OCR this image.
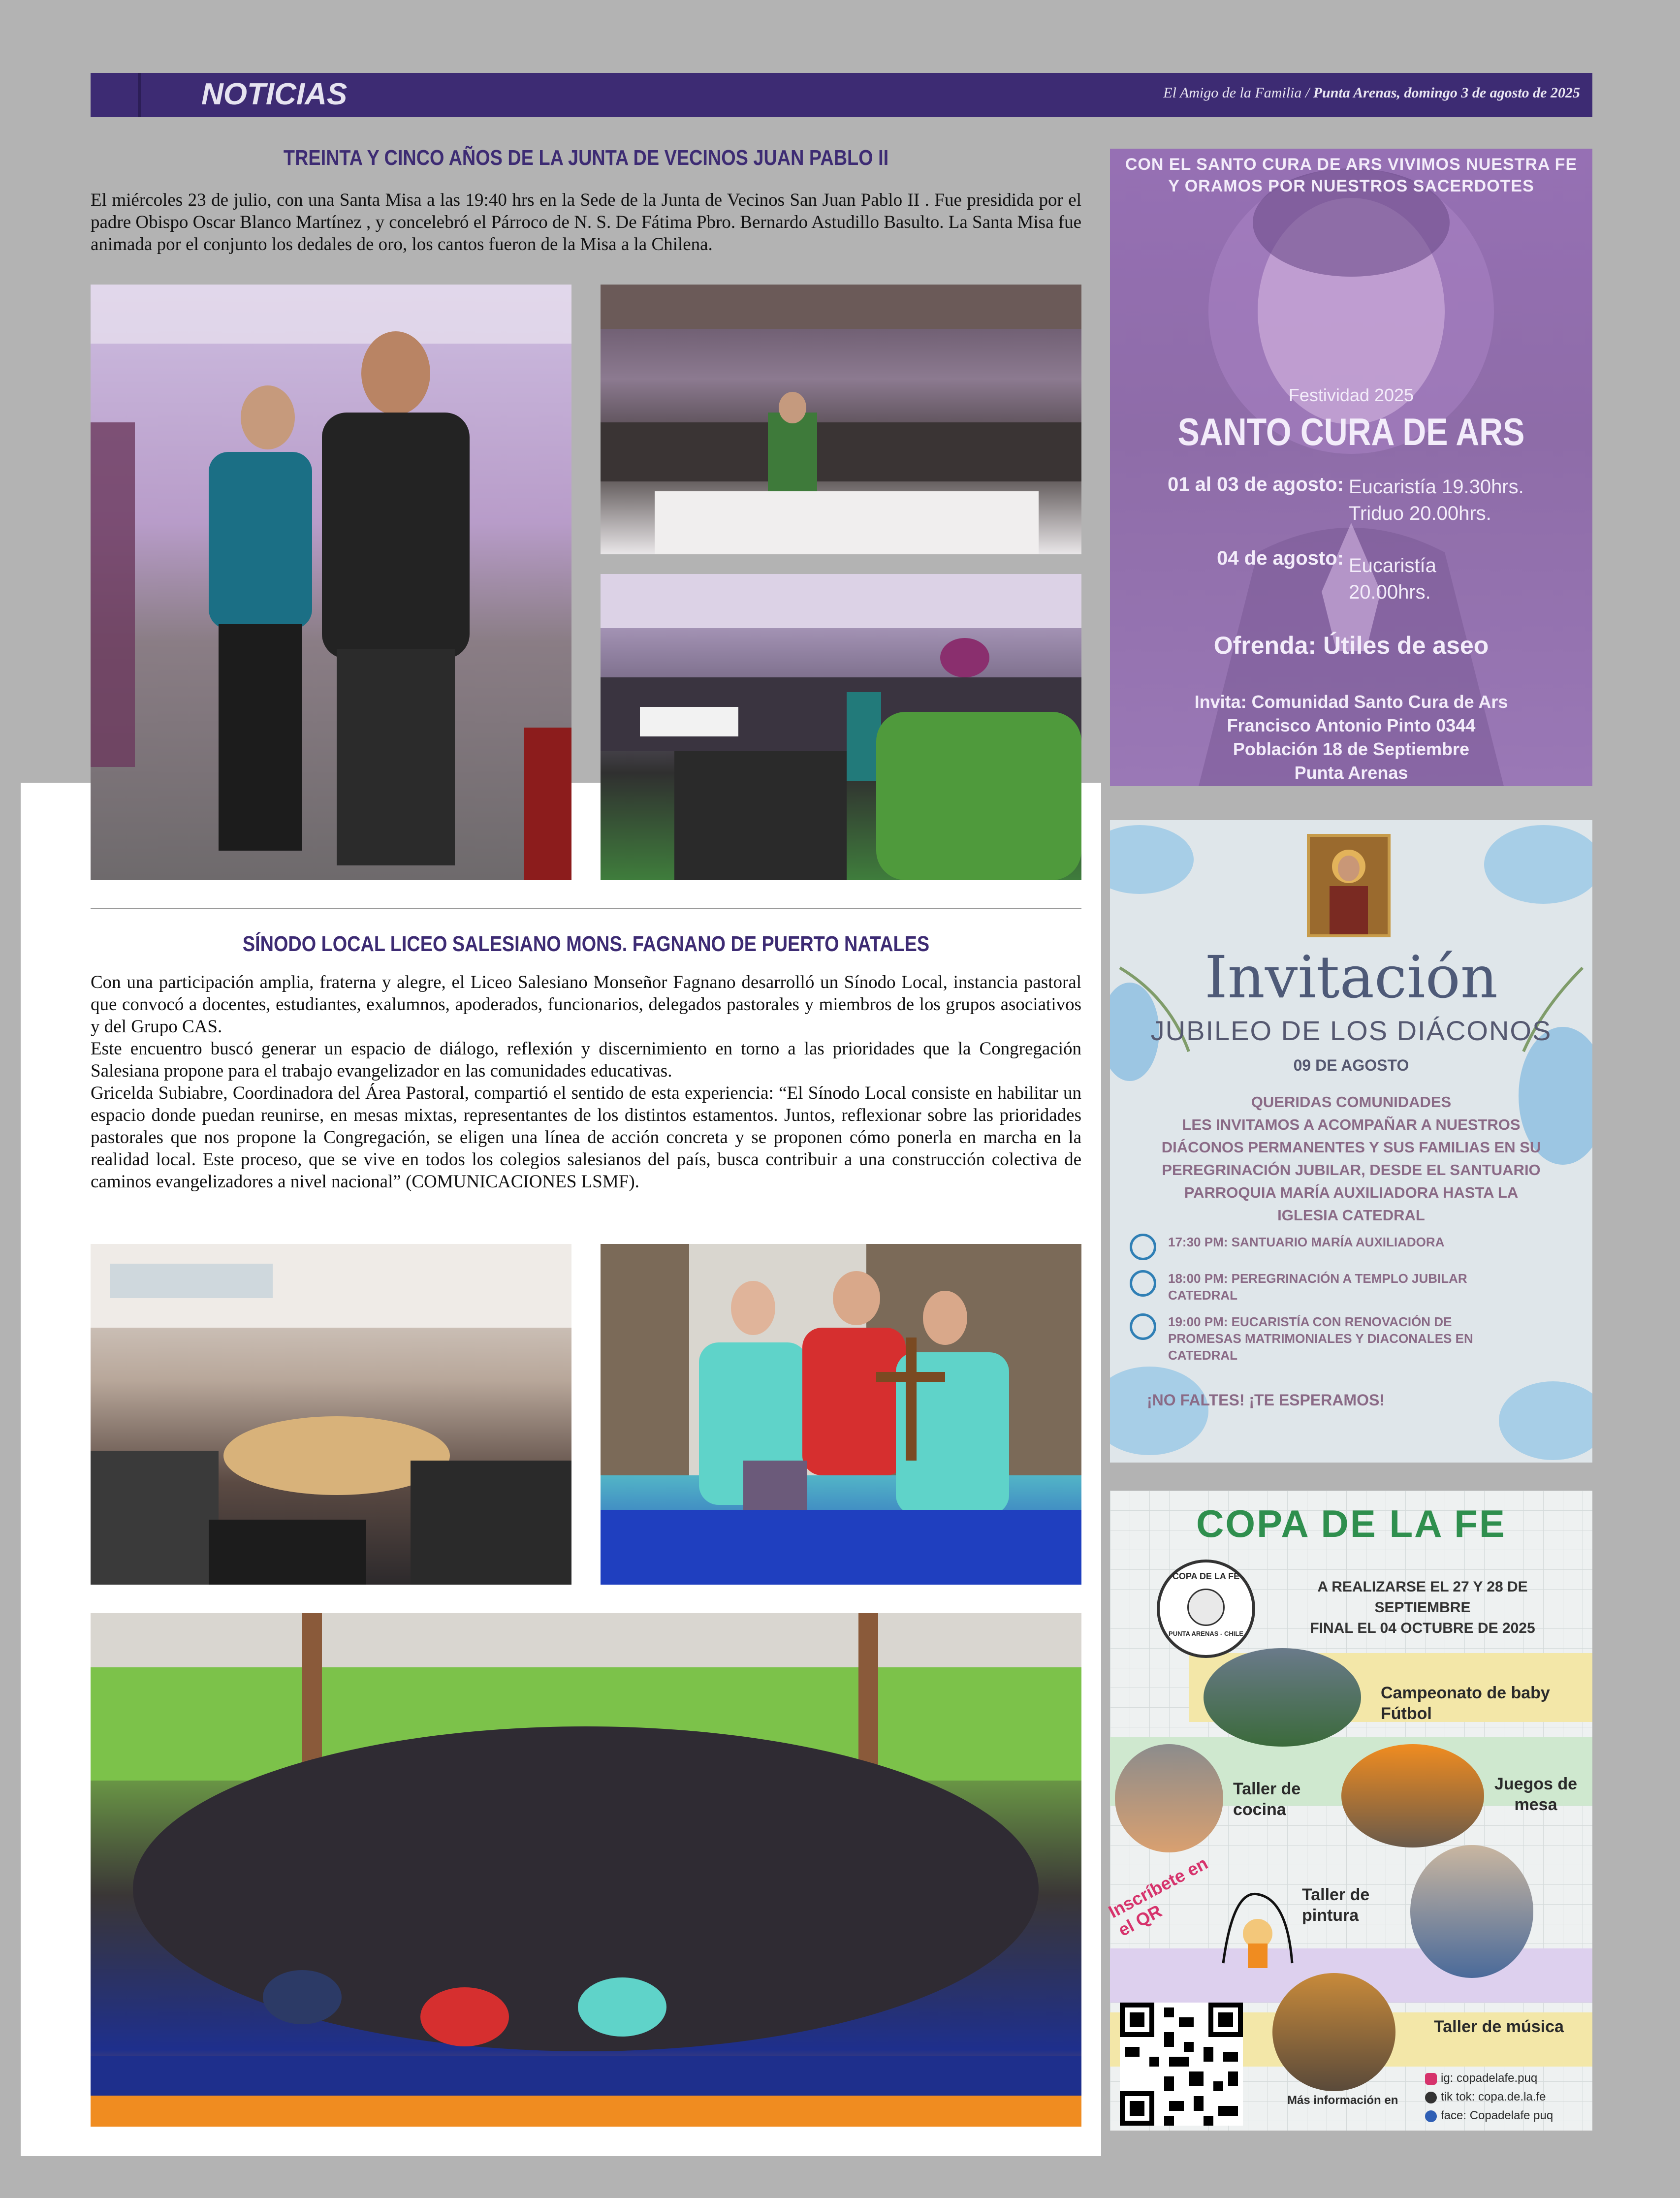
NOTICIAS	El Amigo de la Familia / Punta Arenas, domingo 3 de agosto de 2025
TREINTA Y CINCO AÑOS DE LA JUNTA DE VECINOS JUAN PABLO II

El miércoles 23 de julio, con una Santa Misa a las 19:40 hrs en la Sede de la Junta de Vecinos San Juan Pablo II . Fue presidida por el padre Obispo Oscar Blanco Martínez , y concelebró el Párroco de N. S. De Fátima Pbro. Bernardo Astudillo Basulto. La Santa Misa fue animada por el conjunto los dedales de oro, los cantos fueron de la Misa a la Chilena.

SÍNODO LOCAL LICEO SALESIANO MONS. FAGNANO DE PUERTO NATALES

Con una participación amplia, fraterna y alegre, el Liceo Salesiano Monseñor Fagnano desarrolló un Sínodo Local, instancia pastoral que convocó a docentes, estudiantes, exalumnos, apoderados, funcionarios, delegados pastorales y miembros de los grupos asociativos y del Grupo CAS.

Este encuentro buscó generar un espacio de diálogo, reflexión y discernimiento en torno a las prioridades que la Congregación Salesiana propone para el trabajo evangelizador en las comunidades educativas.

Gricelda Subiabre, Coordinadora del Área Pastoral, compartió el sentido de esta experiencia: “El Sínodo Local consiste en habilitar un espacio donde puedan reunirse, en mesas mixtas, representantes de los distintos estamentos. Juntos, reflexionar sobre las prioridades pastorales que nos propone la Congregación, se eligen una línea de acción concreta y se proponen cómo ponerla en marcha en la realidad local. Este proceso, que se vive en todos los colegios salesianos del país, busca contribuir a una construcción colectiva de caminos evangelizadores a nivel nacional” (COMUNICACIONES LSMF).

CON EL SANTO CURA DE ARS VIVIMOS NUESTRA FE Y ORAMOS POR NUESTROS SACERDOTES
Festividad 2025
SANTO CURA DE ARS
01 al 03 de agosto: Eucaristía 19.30hrs.
Triduo 20.00hrs.
04 de agosto: Eucaristía
20.00hrs.
Ofrenda: Útiles de aseo
Invita: Comunidad Santo Cura de Ars
Francisco Antonio Pinto 0344
Población 18 de Septiembre
Punta Arenas
Invitación
JUBILEO DE LOS DIÁCONOS
09 DE AGOSTO
QUERIDAS COMUNIDADES
LES INVITAMOS A ACOMPAÑAR A NUESTROS
DIÁCONOS PERMANENTES Y SUS FAMILIAS EN SU
PEREGRINACIÓN JUBILAR, DESDE EL SANTUARIO
PARROQUIA MARÍA AUXILIADORA HASTA LA
IGLESIA CATEDRAL
17:30 PM: SANTUARIO MARÍA AUXILIADORA
18:00 PM: PEREGRINACIÓN A TEMPLO JUBILAR CATEDRAL
19:00 PM: EUCARISTÍA CON RENOVACIÓN DE PROMESAS MATRIMONIALES Y DIACONALES EN CATEDRAL
¡NO FALTES! ¡TE ESPERAMOS!
COPA DE LA FE
COPA DE LA FE
PUNTA ARENAS - CHILE
A REALIZARSE EL 27 Y 28 DE SEPTIEMBRE
FINAL EL 04 OCTUBRE DE 2025
Campeonato de baby Fútbol
Taller de cocina
Juegos de mesa
Inscríbete en el QR
Taller de pintura
Taller de música
Más información en
ig: copadelafe.puq
tik tok: copa.de.la.fe
face: Copadelafe puq
